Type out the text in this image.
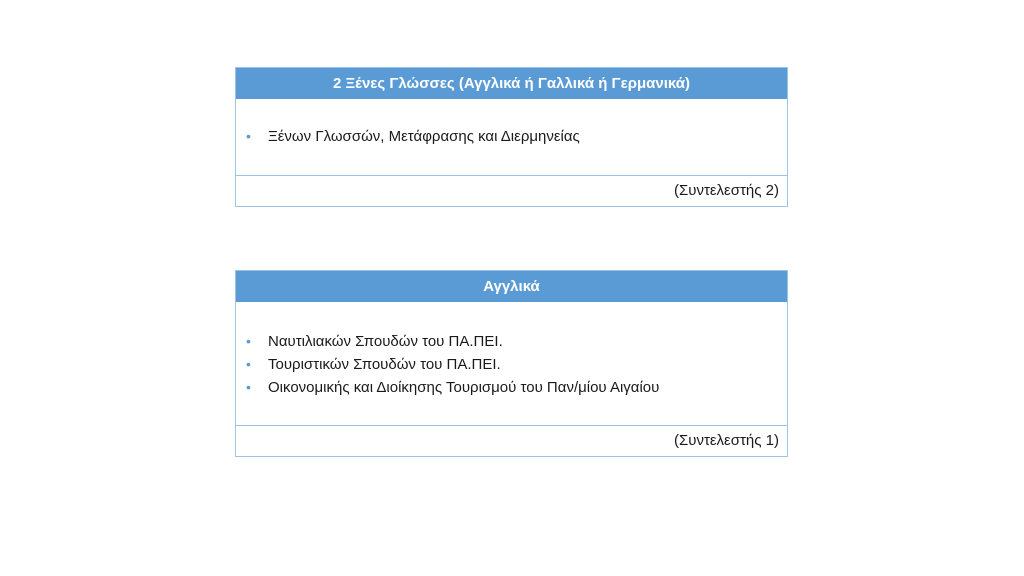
2 Ξένες Γλώσσες (Αγγλικά ή Γαλλικά ή Γερμανικά)
•	Ξένων Γλωσσών, Μετάφρασης και Διερμηνείας
(Συντελεστής 2)
Αγγλικά
•	Ναυτιλιακών Σπουδών του ΠΑ.ΠΕΙ.
•	Τουριστικών Σπουδών του ΠΑ.ΠΕΙ.
•	Οικονομικής και Διοίκησης Τουρισμού του Παν/μίου Αιγαίου
(Συντελεστής 1)
